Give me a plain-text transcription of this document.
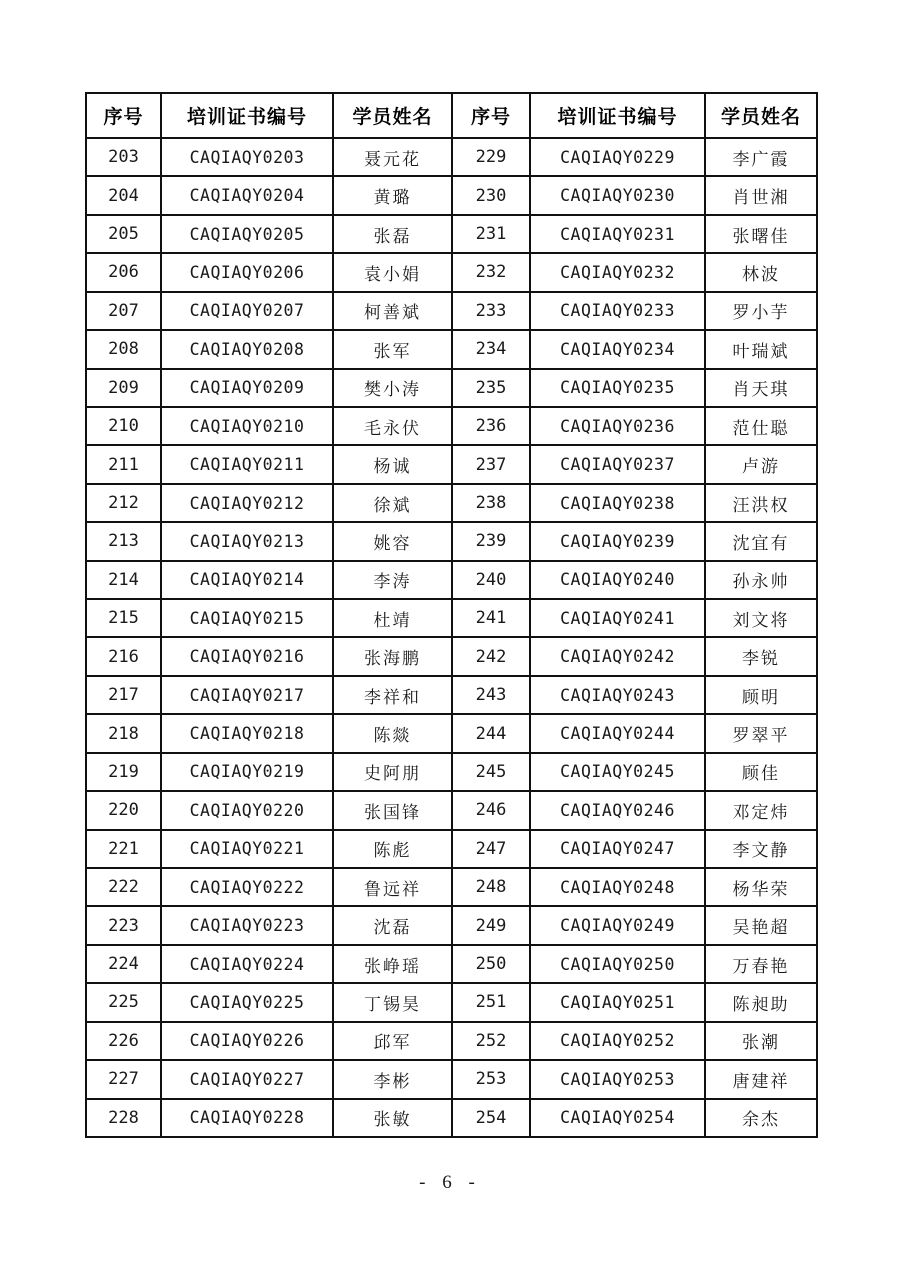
序号	培训证书编号	学员姓名	序号	培训证书编号	学员姓名
203	CAQIAQY0203	聂元花	229	CAQIAQY0229	李广霞
204	CAQIAQY0204	黄璐	230	CAQIAQY0230	肖世湘
205	CAQIAQY0205	张磊	231	CAQIAQY0231	张曙佳
206	CAQIAQY0206	袁小娟	232	CAQIAQY0232	林波
207	CAQIAQY0207	柯善斌	233	CAQIAQY0233	罗小芋
208	CAQIAQY0208	张军	234	CAQIAQY0234	叶瑞斌
209	CAQIAQY0209	樊小涛	235	CAQIAQY0235	肖天琪
210	CAQIAQY0210	毛永伏	236	CAQIAQY0236	范仕聪
211	CAQIAQY0211	杨诚	237	CAQIAQY0237	卢游
212	CAQIAQY0212	徐斌	238	CAQIAQY0238	汪洪权
213	CAQIAQY0213	姚容	239	CAQIAQY0239	沈宜有
214	CAQIAQY0214	李涛	240	CAQIAQY0240	孙永帅
215	CAQIAQY0215	杜靖	241	CAQIAQY0241	刘文将
216	CAQIAQY0216	张海鹏	242	CAQIAQY0242	李锐
217	CAQIAQY0217	李祥和	243	CAQIAQY0243	顾明
218	CAQIAQY0218	陈燚	244	CAQIAQY0244	罗翠平
219	CAQIAQY0219	史阿朋	245	CAQIAQY0245	顾佳
220	CAQIAQY0220	张国锋	246	CAQIAQY0246	邓定炜
221	CAQIAQY0221	陈彪	247	CAQIAQY0247	李文静
222	CAQIAQY0222	鲁远祥	248	CAQIAQY0248	杨华荣
223	CAQIAQY0223	沈磊	249	CAQIAQY0249	吴艳超
224	CAQIAQY0224	张峥瑶	250	CAQIAQY0250	万春艳
225	CAQIAQY0225	丁锡昊	251	CAQIAQY0251	陈昶助
226	CAQIAQY0226	邱军	252	CAQIAQY0252	张潮
227	CAQIAQY0227	李彬	253	CAQIAQY0253	唐建祥
228	CAQIAQY0228	张敏	254	CAQIAQY0254	余杰
- 6 -
